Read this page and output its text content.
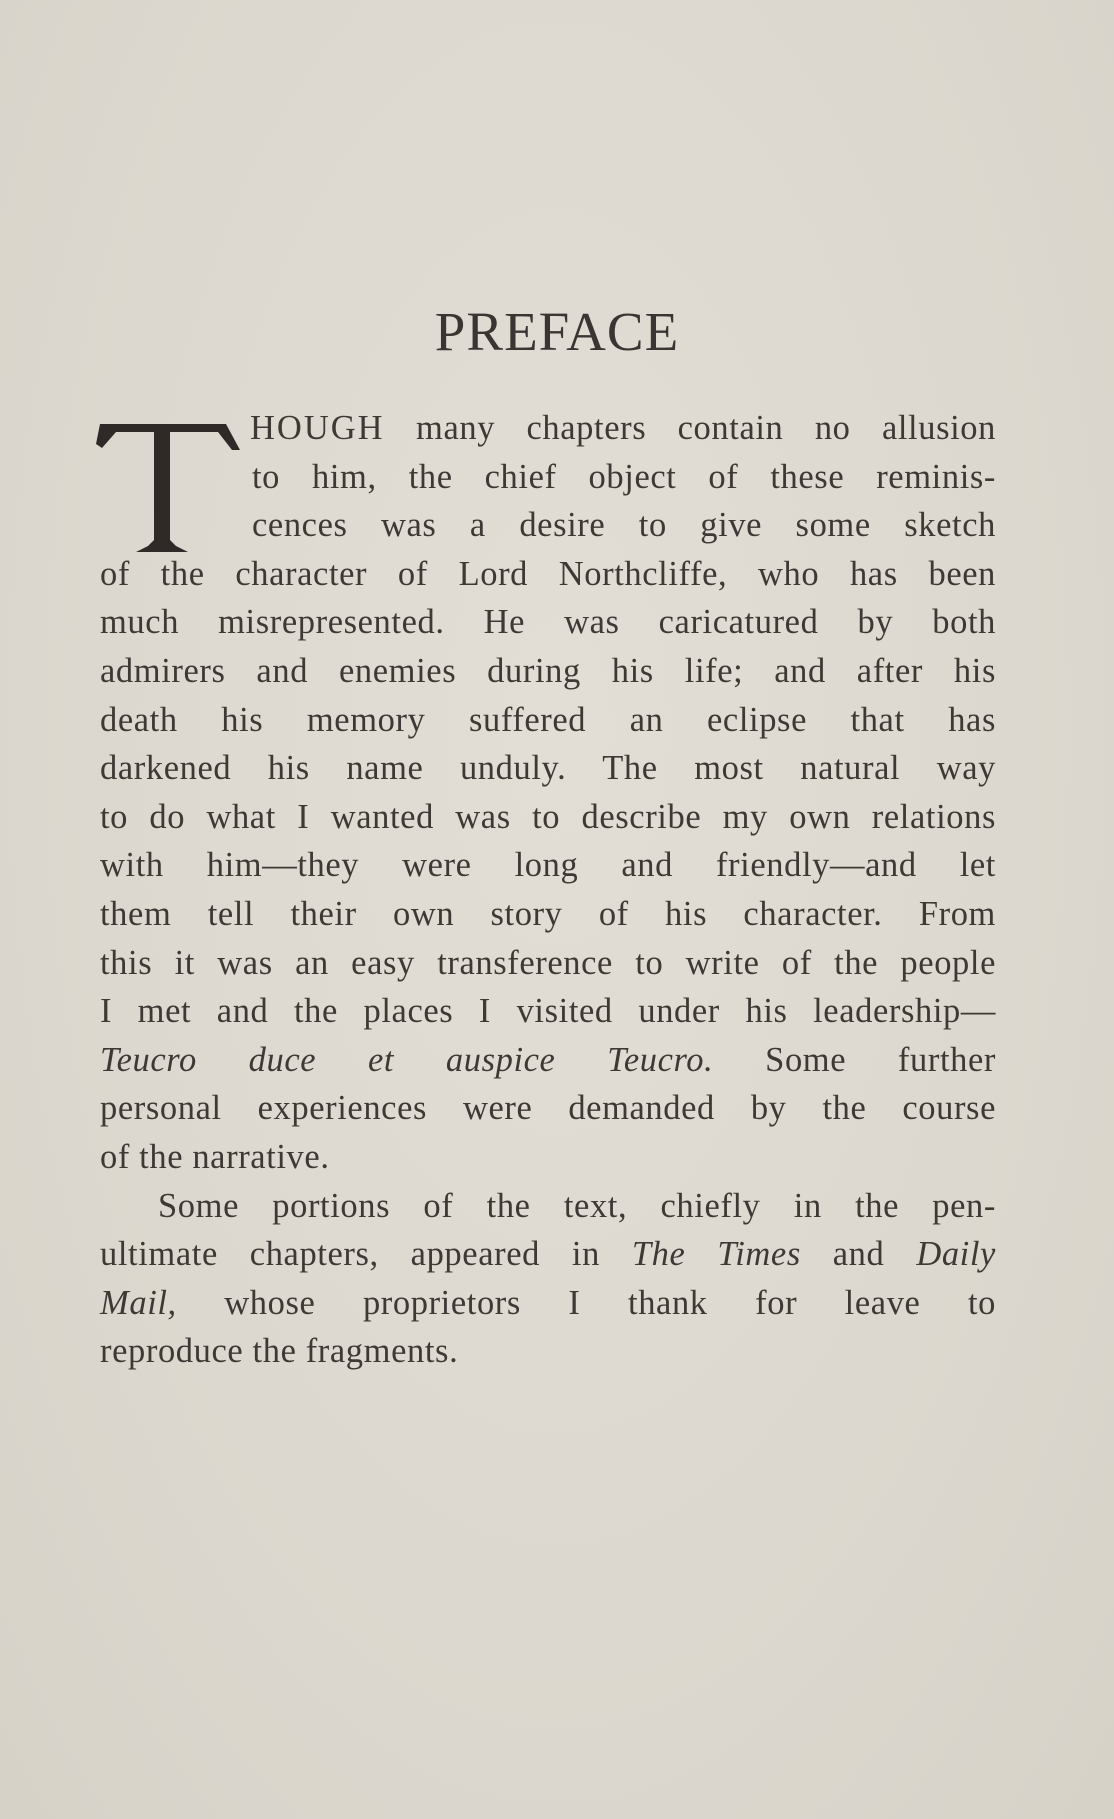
PREFACE
HOUGH many chapters contain no allusion
to him, the chief object of these reminis-
cences was a desire to give some sketch
of the character of Lord Northcliffe, who has been
much misrepresented. He was caricatured by both
admirers and enemies during his life; and after his
death his memory suffered an eclipse that has
darkened his name unduly. The most natural way
to do what I wanted was to describe my own relations
with him—they were long and friendly—and let
them tell their own story of his character. From
this it was an easy transference to write of the people
I met and the places I visited under his leadership—
Teucro duce et auspice Teucro. Some further
personal experiences were demanded by the course
of the narrative.
Some portions of the text, chiefly in the pen-
ultimate chapters, appeared in The Times and Daily
Mail, whose proprietors I thank for leave to
reproduce the fragments.
